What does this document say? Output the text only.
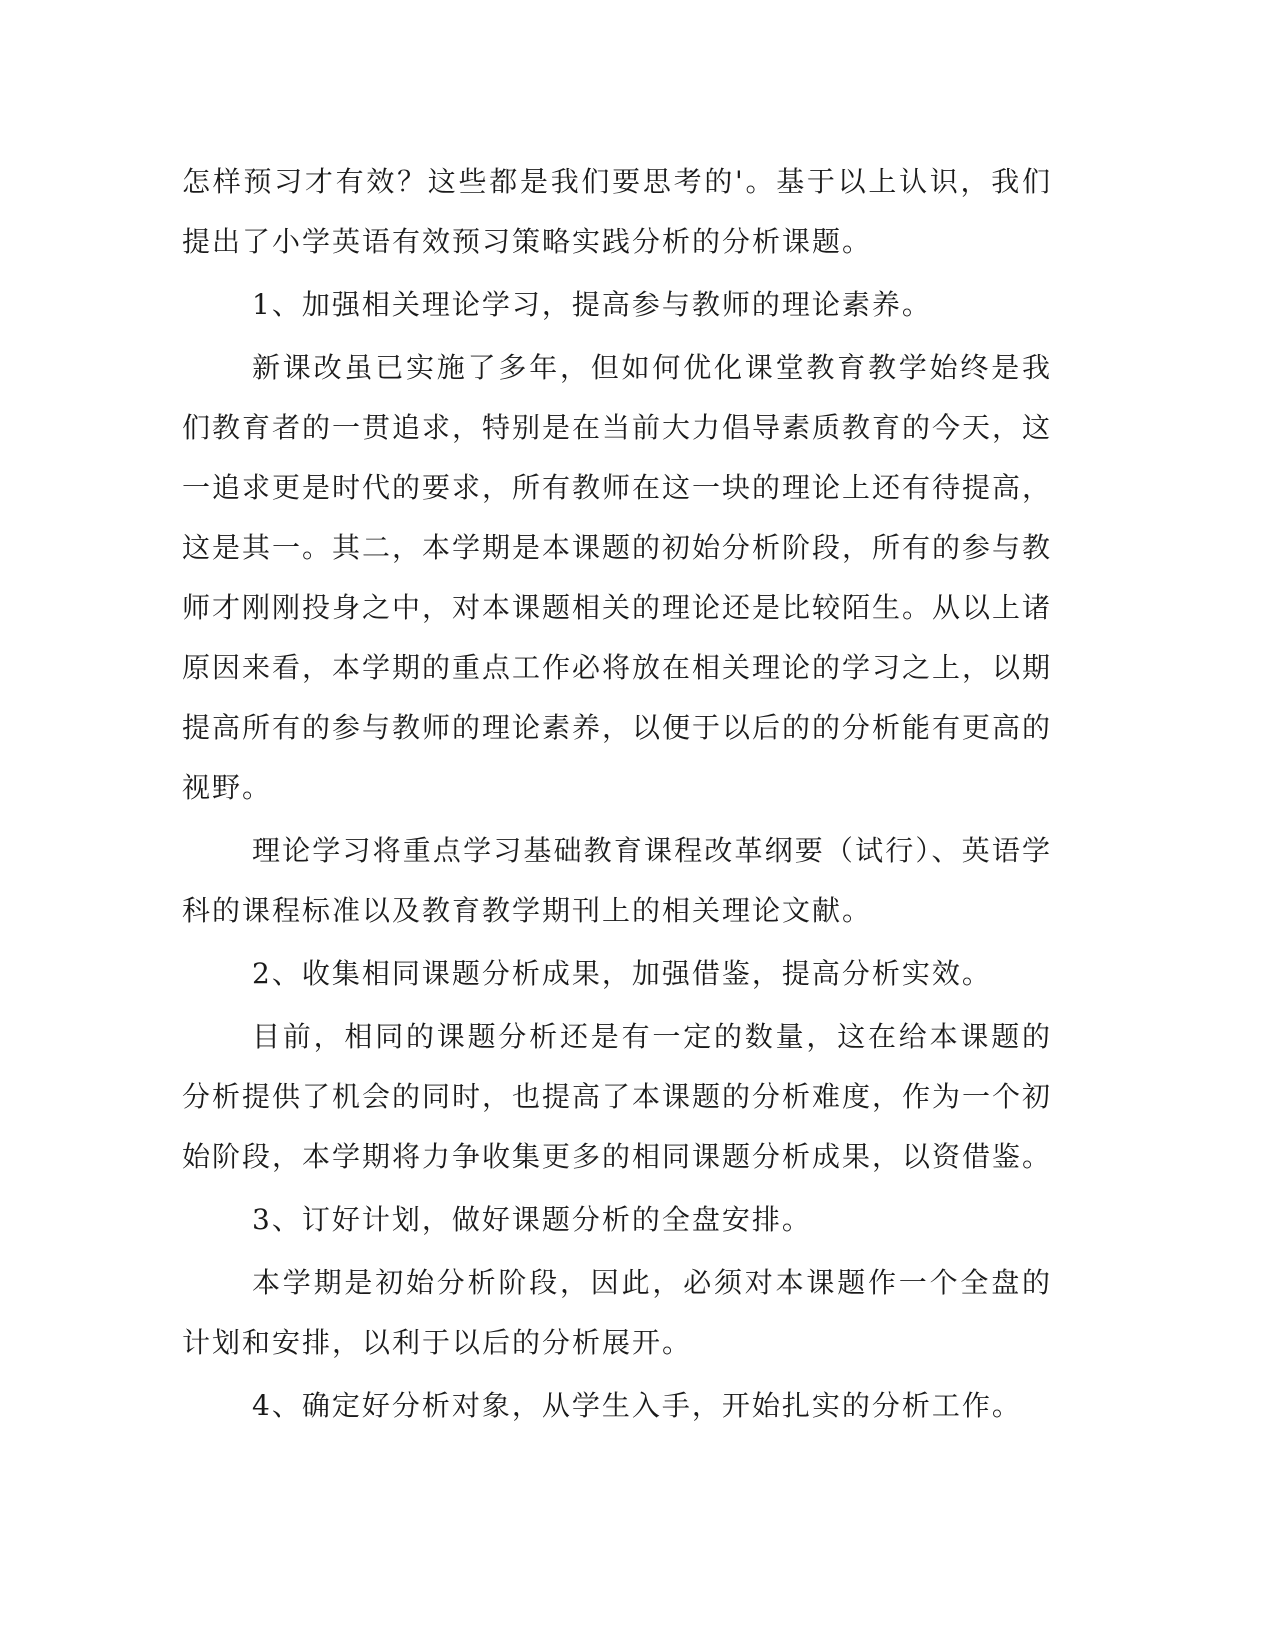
怎样预习才有效？这些都是我们要思考的'。基于以上认识，我们提出了小学英语有效预习策略实践分析的分析课题。

1、加强相关理论学习，提高参与教师的理论素养。

新课改虽已实施了多年，但如何优化课堂教育教学始终是我们教育者的一贯追求，特别是在当前大力倡导素质教育的今天，这一追求更是时代的要求，所有教师在这一块的理论上还有待提高，这是其一。其二，本学期是本课题的初始分析阶段，所有的参与教师才刚刚投身之中，对本课题相关的理论还是比较陌生。从以上诸原因来看，本学期的重点工作必将放在相关理论的学习之上，以期提高所有的参与教师的理论素养，以便于以后的的分析能有更高的视野。

理论学习将重点学习基础教育课程改革纲要（试行）、英语学科的课程标准以及教育教学期刊上的相关理论文献。

2、收集相同课题分析成果，加强借鉴，提高分析实效。

目前，相同的课题分析还是有一定的数量，这在给本课题的分析提供了机会的同时，也提高了本课题的分析难度，作为一个初始阶段，本学期将力争收集更多的相同课题分析成果，以资借鉴。

3、订好计划，做好课题分析的全盘安排。

本学期是初始分析阶段，因此，必须对本课题作一个全盘的计划和安排，以利于以后的分析展开。

4、确定好分析对象，从学生入手，开始扎实的分析工作。
